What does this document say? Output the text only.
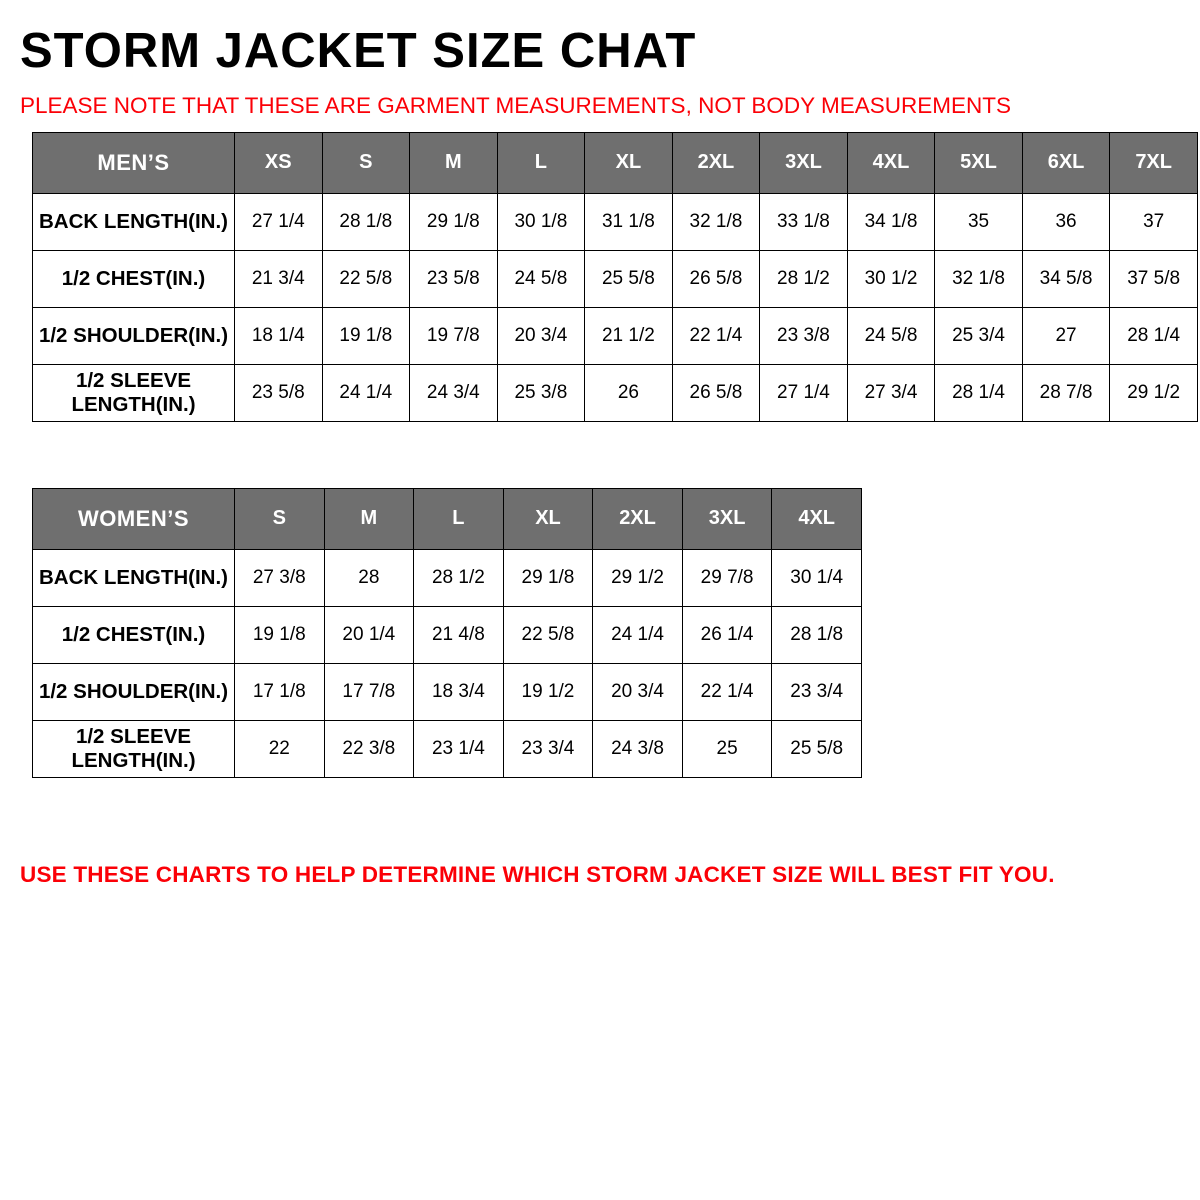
STORM JACKET SIZE CHAT

PLEASE NOTE THAT THESE ARE GARMENT MEASUREMENTS, NOT BODY MEASUREMENTS

MEN’S	XS	S	M	L	XL	2XL	3XL	4XL	5XL	6XL	7XL
BACK LENGTH(IN.)	27 1/4	28 1/8	29 1/8	30 1/8	31 1/8	32 1/8	33 1/8	34 1/8	35	36	37
1/2 CHEST(IN.)	21 3/4	22 5/8	23 5/8	24 5/8	25 5/8	26 5/8	28 1/2	30 1/2	32 1/8	34 5/8	37 5/8
1/2 SHOULDER(IN.)	18 1/4	19 1/8	19 7/8	20 3/4	21 1/2	22 1/4	23 3/8	24 5/8	25 3/4	27	28 1/4
1/2 SLEEVE LENGTH(IN.)	23 5/8	24 1/4	24 3/4	25 3/8	26	26 5/8	27 1/4	27 3/4	28 1/4	28 7/8	29 1/2
WOMEN’S	S	M	L	XL	2XL	3XL	4XL
BACK LENGTH(IN.)	27 3/8	28	28 1/2	29 1/8	29 1/2	29 7/8	30 1/4
1/2 CHEST(IN.)	19 1/8	20 1/4	21 4/8	22 5/8	24 1/4	26 1/4	28 1/8
1/2 SHOULDER(IN.)	17 1/8	17 7/8	18 3/4	19 1/2	20 3/4	22 1/4	23 3/4
1/2 SLEEVE LENGTH(IN.)	22	22 3/8	23 1/4	23 3/4	24 3/8	25	25 5/8

USE THESE CHARTS TO HELP DETERMINE WHICH STORM JACKET SIZE WILL BEST FIT YOU.
